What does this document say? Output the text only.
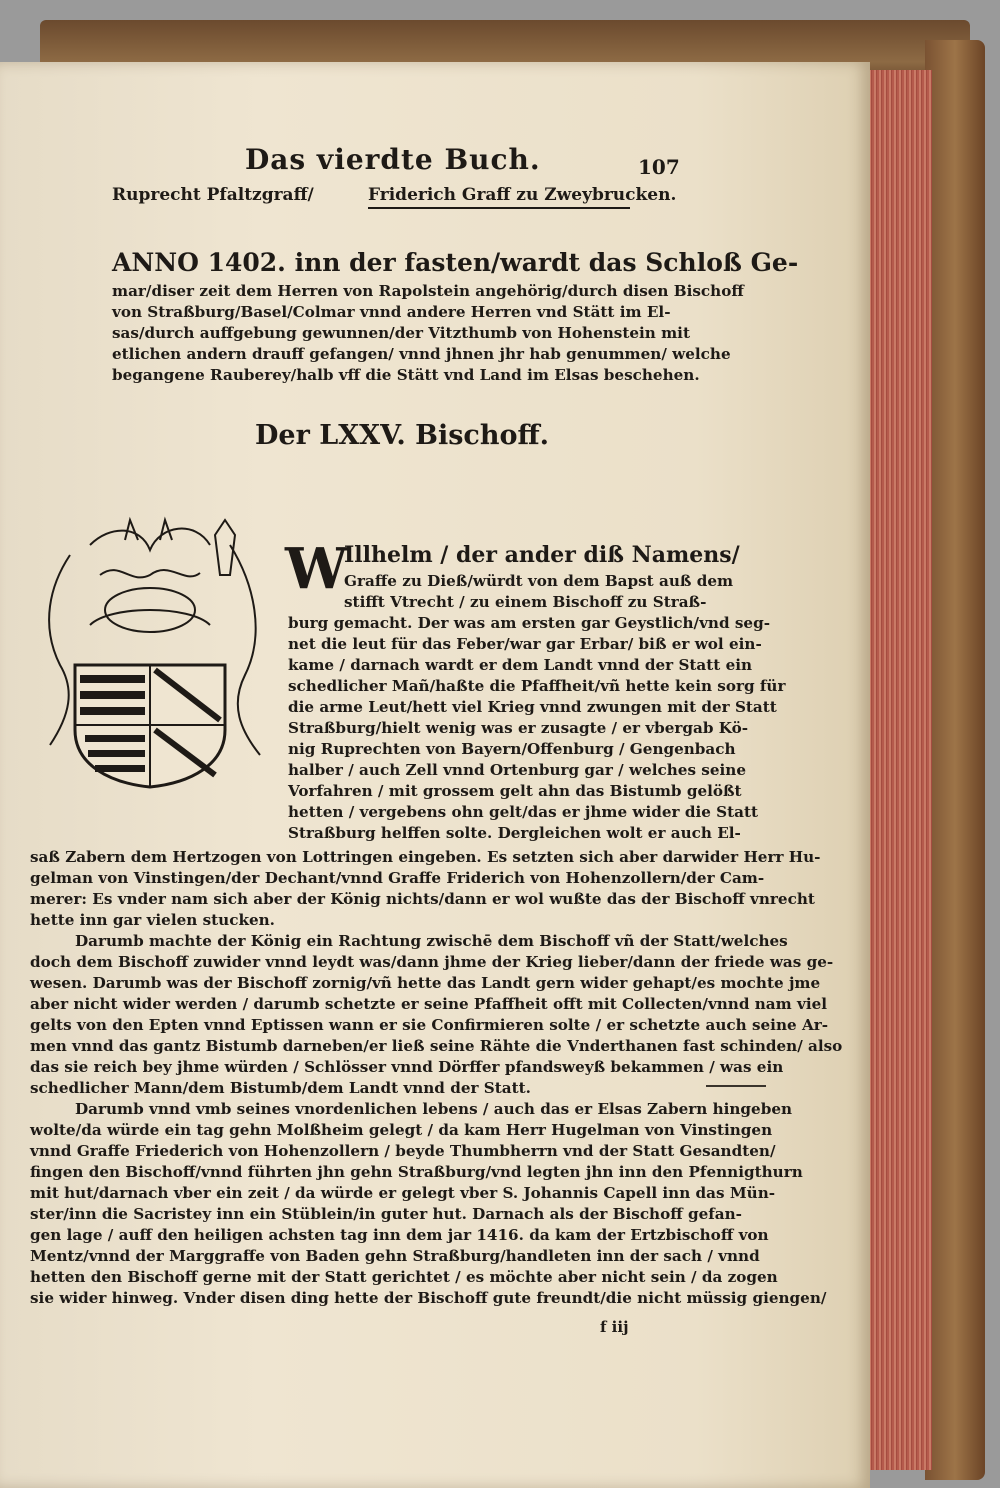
Das vierdte Buch.	107
Ruprecht Pfaltzgraff/	Friderich Graff zu Zweybrucken.
ANNO 1402. inn der fasten/wardt das Schloß Ge-
mar/diser zeit dem Herren von Rapolstein angehörig/durch disen Bischoff
von Straßburg/Basel/Colmar vnnd andere Herren vnd Stätt im El-
sas/durch auffgebung gewunnen/der Vitzthumb von Hohenstein mit
etlichen andern drauff gefangen/ vnnd jhnen jhr hab genummen/ welche
begangene Rauberey/halb vff die Stätt vnd Land im Elsas beschehen.
Der LXXV. Bischoff.
W
Illhelm / der ander diß Namens/
Graffe zu Dieß/würdt von dem Bapst auß dem
stifft Vtrecht / zu einem Bischoff zu Straß-
burg gemacht. Der was am ersten gar Geystlich/vnd seg-
net die leut für das Feber/war gar Erbar/ biß er wol ein-
kame / darnach wardt er dem Landt vnnd der Statt ein
schedlicher Mañ/haßte die Pfaffheit/vñ hette kein sorg für
die arme Leut/hett viel Krieg vnnd zwungen mit der Statt
Straßburg/hielt wenig was er zusagte / er vbergab Kö-
nig Ruprechten von Bayern/Offenburg / Gengenbach
halber / auch Zell vnnd Ortenburg gar / welches seine
Vorfahren / mit grossem gelt ahn das Bistumb gelößt
hetten / vergebens ohn gelt/das er jhme wider die Statt
Straßburg helffen solte. Dergleichen wolt er auch El-
saß Zabern dem Hertzogen von Lottringen eingeben. Es setzten sich aber darwider Herr Hu-
gelman von Vinstingen/der Dechant/vnnd Graffe Friderich von Hohenzollern/der Cam-
merer: Es vnder nam sich aber der König nichts/dann er wol wußte das der Bischoff vnrecht
hette inn gar vielen stucken.
Darumb machte der König ein Rachtung zwischē dem Bischoff vñ der Statt/welches
doch dem Bischoff zuwider vnnd leydt was/dann jhme der Krieg lieber/dann der friede was ge-
wesen. Darumb was der Bischoff zornig/vñ hette das Landt gern wider gehapt/es mochte jme
aber nicht wider werden / darumb schetzte er seine Pfaffheit offt mit Collecten/vnnd nam viel
gelts von den Epten vnnd Eptissen wann er sie Confirmieren solte / er schetzte auch seine Ar-
men vnnd das gantz Bistumb darneben/er ließ seine Rähte die Vnderthanen fast schinden/ also
das sie reich bey jhme würden / Schlösser vnnd Dörffer pfandsweyß bekammen / was ein
schedlicher Mann/dem Bistumb/dem Landt vnnd der Statt.
Darumb vnnd vmb seines vnordenlichen lebens / auch das er Elsas Zabern hingeben
wolte/da würde ein tag gehn Molßheim gelegt / da kam Herr Hugelman von Vinstingen
vnnd Graffe Friederich von Hohenzollern / beyde Thumbherrn vnd der Statt Gesandten/
fingen den Bischoff/vnnd führten jhn gehn Straßburg/vnd legten jhn inn den Pfennigthurn
mit hut/darnach vber ein zeit / da würde er gelegt vber S. Johannis Capell inn das Mün-
ster/inn die Sacristey inn ein Stüblein/in guter hut. Darnach als der Bischoff gefan-
gen lage / auff den heiligen achsten tag inn dem jar 1416. da kam der Ertzbischoff von
Mentz/vnnd der Marggraffe von Baden gehn Straßburg/handleten inn der sach / vnnd
hetten den Bischoff gerne mit der Statt gerichtet / es möchte aber nicht sein / da zogen
sie wider hinweg. Vnder disen ding hette der Bischoff gute freundt/die nicht müssig giengen/
f iij
